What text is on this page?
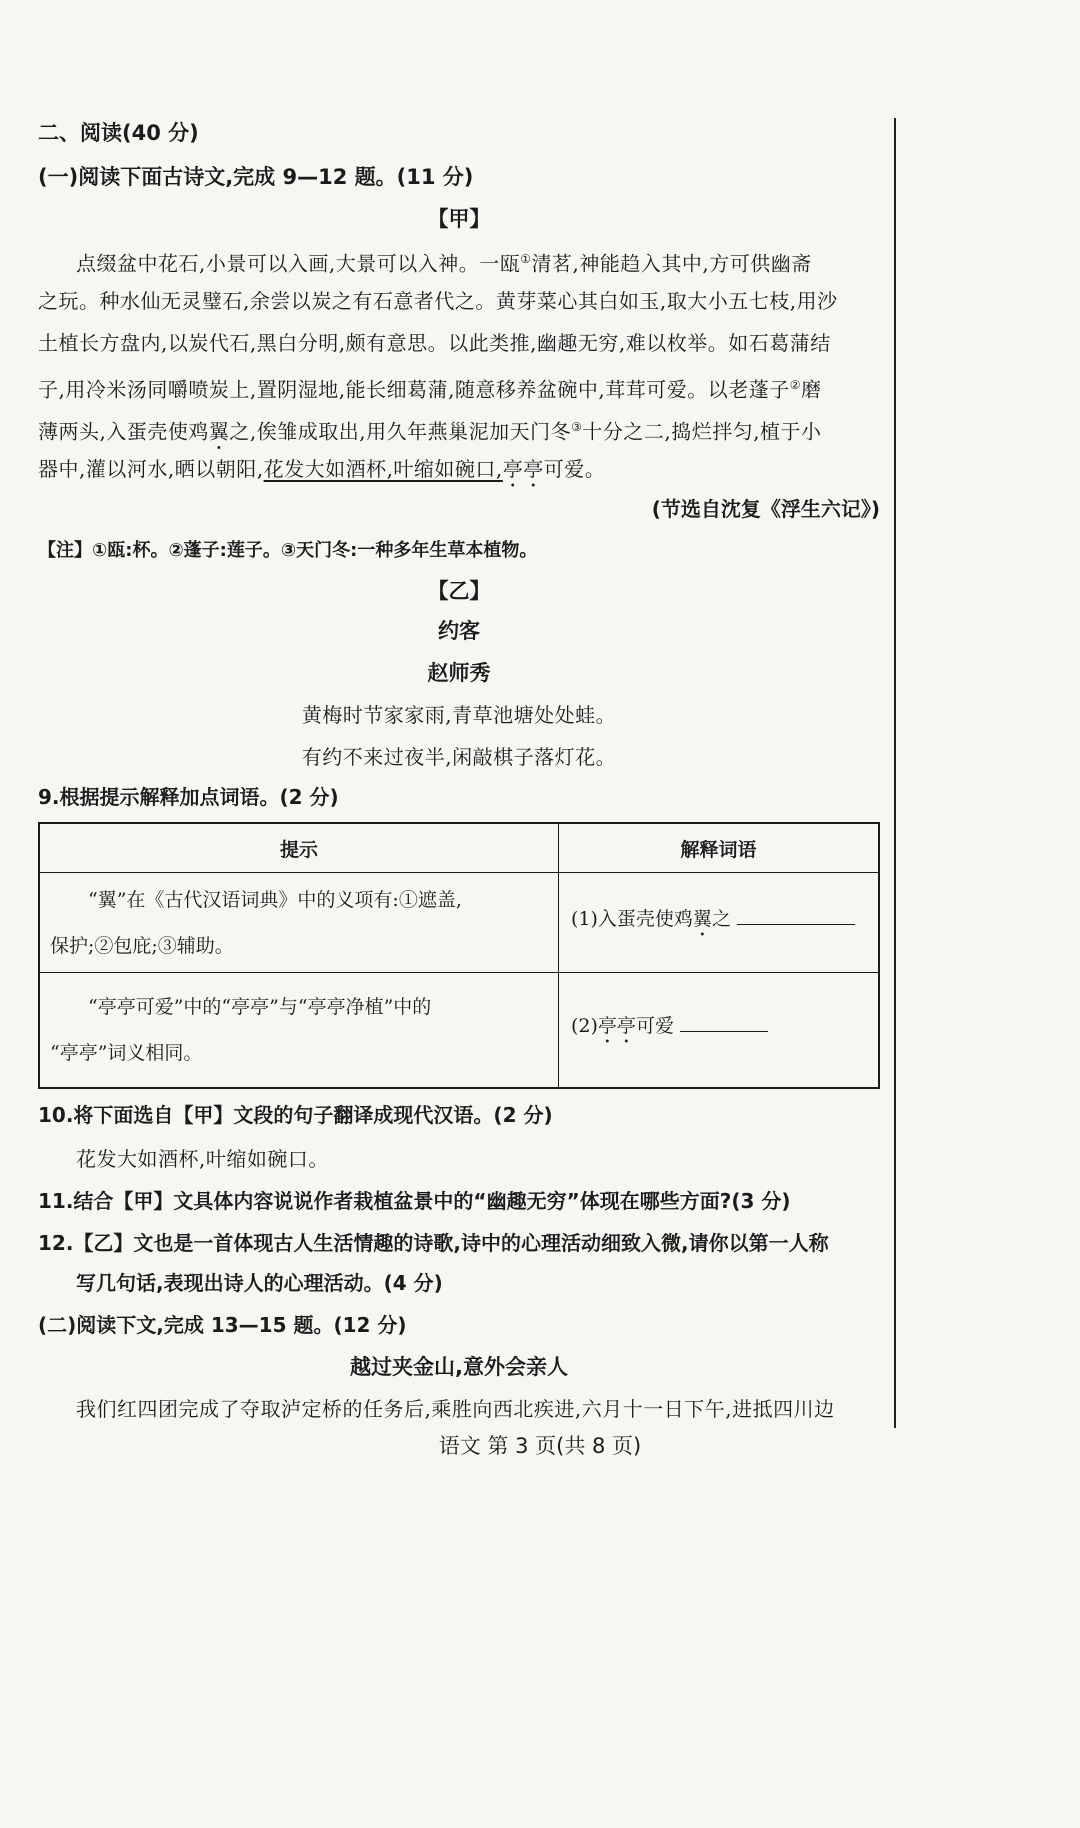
二、阅读(40 分)
(一)阅读下面古诗文,完成 9—12 题。(11 分)
【甲】
点缀盆中花石,小景可以入画,大景可以入神。一瓯①清茗,神能趋入其中,方可供幽斋
之玩。种水仙无灵璧石,余尝以炭之有石意者代之。黄芽菜心其白如玉,取大小五七枝,用沙
土植长方盘内,以炭代石,黑白分明,颇有意思。以此类推,幽趣无穷,难以枚举。如石葛蒲结
子,用冷米汤同嚼喷炭上,置阴湿地,能长细葛蒲,随意移养盆碗中,茸茸可爱。以老蓬子②磨
薄两头,入蛋壳使鸡翼之,俟雏成取出,用久年燕巢泥加天门冬③十分之二,捣烂拌匀,植于小
器中,灌以河水,晒以朝阳,花发大如酒杯,叶缩如碗口,亭亭可爱。
(节选自沈复《浮生六记》)
【注】①瓯:杯。②蓬子:莲子。③天门冬:一种多年生草本植物。
【乙】
约客
赵师秀
黄梅时节家家雨,青草池塘处处蛙。
有约不来过夜半,闲敲棋子落灯花。
9.根据提示解释加点词语。(2 分)
提示	解释词语

“翼”在《古代汉语词典》中的义项有:①遮盖,
保护;②包庇;③辅助。	(1)入蛋壳使鸡翼之

“亭亭可爱”中的“亭亭”与“亭亭净植”中的
“亭亭”词义相同。	(2)亭亭可爱
10.将下面选自【甲】文段的句子翻译成现代汉语。(2 分)
花发大如酒杯,叶缩如碗口。
11.结合【甲】文具体内容说说作者栽植盆景中的“幽趣无穷”体现在哪些方面?(3 分)
12.【乙】文也是一首体现古人生活情趣的诗歌,诗中的心理活动细致入微,请你以第一人称
写几句话,表现出诗人的心理活动。(4 分)
(二)阅读下文,完成 13—15 题。(12 分)
越过夹金山,意外会亲人
我们红四团完成了夺取泸定桥的任务后,乘胜向西北疾进,六月十一日下午,进抵四川边
语文 第 3 页(共 8 页)
